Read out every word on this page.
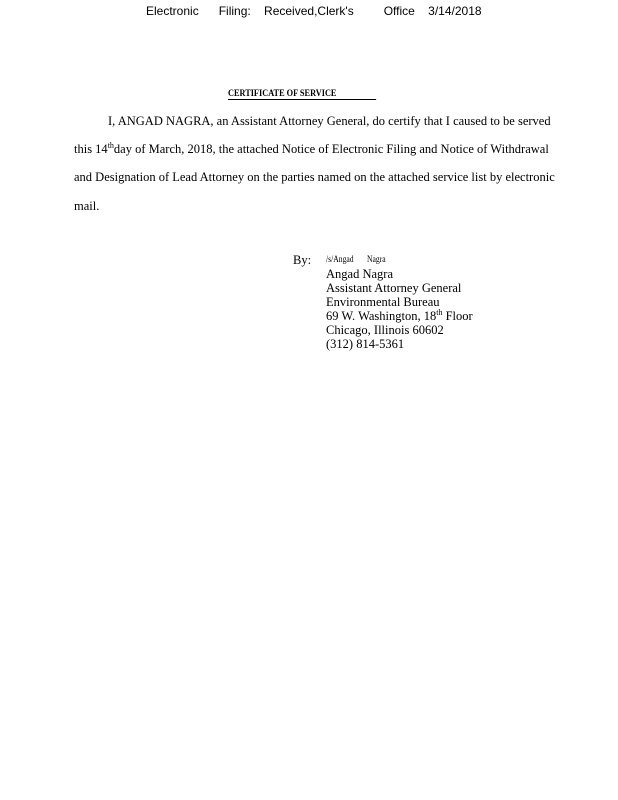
Electronic      Filing:    Received,Clerk's         Office    3/14/2018
CERTIFICATE OF SERVICE
I, ANGAD NAGRA, an Assistant Attorney General, do certify that I caused to be served
this 14thday of March, 2018, the attached Notice of Electronic Filing and Notice of Withdrawal
and Designation of Lead Attorney on the parties named on the attached service list by electronic
mail.
By: /s/Angad       Nagra
Angad Nagra
Assistant Attorney General
Environmental Bureau
69 W. Washington, 18th Floor
Chicago, Illinois 60602
(312) 814-5361
